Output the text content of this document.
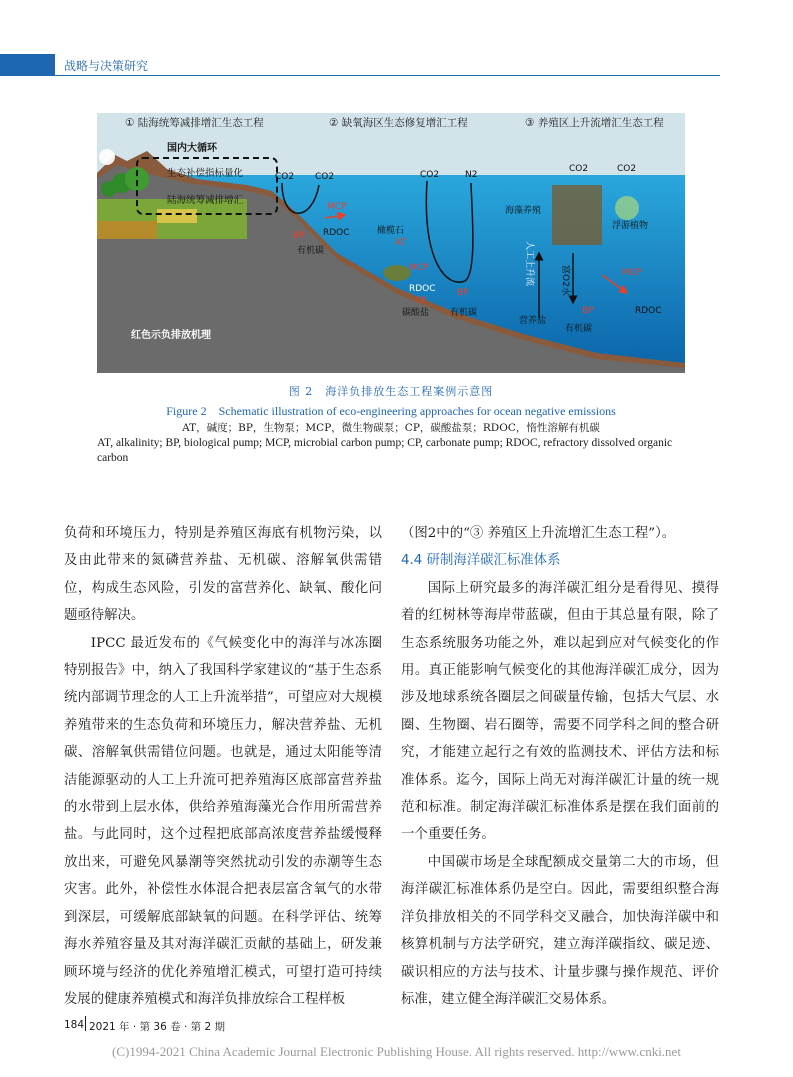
战略与决策研究
① 陆海统筹减排增汇生态工程	② 缺氧海区生态修复增汇工程	③ 养殖区上升流增汇生态工程
国内大循环
生态补偿指标量化
陆海统筹减排增汇
CO2 CO2
BP
MCP
RDOC
有机碳
CO2	N2
橄榄石
AT
MCP
RDOC
CP
碳酸盐
BP
有机碳
CO2	CO2
海藻养殖
浮游植物
人工上升流	富O2水	MCP
BP	RDOC
营养盐
有机碳
红色示负排放机理
图 2　海洋负排放生态工程案例示意图
Figure 2　Schematic illustration of eco-engineering approaches for ocean negative emissions
AT，碱度；BP，生物泵；MCP，微生物碳泵；CP，碳酸盐泵；RDOC，惰性溶解有机碳
AT, alkalinity; BP, biological pump; MCP, microbial carbon pump; CP, carbonate pump; RDOC, refractory dissolved organic carbon

负荷和环境压力，特别是养殖区海底有机物污染，以及由此带来的氮磷营养盐、无机碳、溶解氧供需错位，构成生态风险，引发的富营养化、缺氧、酸化问题亟待解决。

IPCC 最近发布的《气候变化中的海洋与冰冻圈特别报告》中，纳入了我国科学家建议的“基于生态系统内部调节理念的人工上升流举措”，可望应对大规模养殖带来的生态负荷和环境压力，解决营养盐、无机碳、溶解氧供需错位问题。也就是，通过太阳能等清洁能源驱动的人工上升流可把养殖海区底部富营养盐的水带到上层水体，供给养殖海藻光合作用所需营养盐。与此同时，这个过程把底部高浓度营养盐缓慢释放出来，可避免风暴潮等突然扰动引发的赤潮等生态灾害。此外，补偿性水体混合把表层富含氧气的水带到深层，可缓解底部缺氧的问题。在科学评估、统筹海水养殖容量及其对海洋碳汇贡献的基础上，研发兼顾环境与经济的优化养殖增汇模式，可望打造可持续发展的健康养殖模式和海洋负排放综合工程样板

（图2中的“③ 养殖区上升流增汇生态工程”）。

4.4 研制海洋碳汇标准体系

国际上研究最多的海洋碳汇组分是看得见、摸得着的红树林等海岸带蓝碳，但由于其总量有限，除了生态系统服务功能之外，难以起到应对气候变化的作用。真正能影响气候变化的其他海洋碳汇成分，因为涉及地球系统各圈层之间碳量传输，包括大气层、水圈、生物圈、岩石圈等，需要不同学科之间的整合研究，才能建立起行之有效的监测技术、评估方法和标准体系。迄今，国际上尚无对海洋碳汇计量的统一规范和标准。制定海洋碳汇标准体系是摆在我们面前的一个重要任务。

中国碳市场是全球配额成交量第二大的市场，但海洋碳汇标准体系仍是空白。因此，需要组织整合海洋负排放相关的不同学科交叉融合，加快海洋碳中和核算机制与方法学研究，建立海洋碳指纹、碳足迹、碳识相应的方法与技术、计量步骤与操作规范、评价标准，建立健全海洋碳汇交易体系。

184 2021 年 · 第 36 卷 · 第 2 期
(C)1994-2021 China Academic Journal Electronic Publishing House. All rights reserved. http://www.cnki.net
